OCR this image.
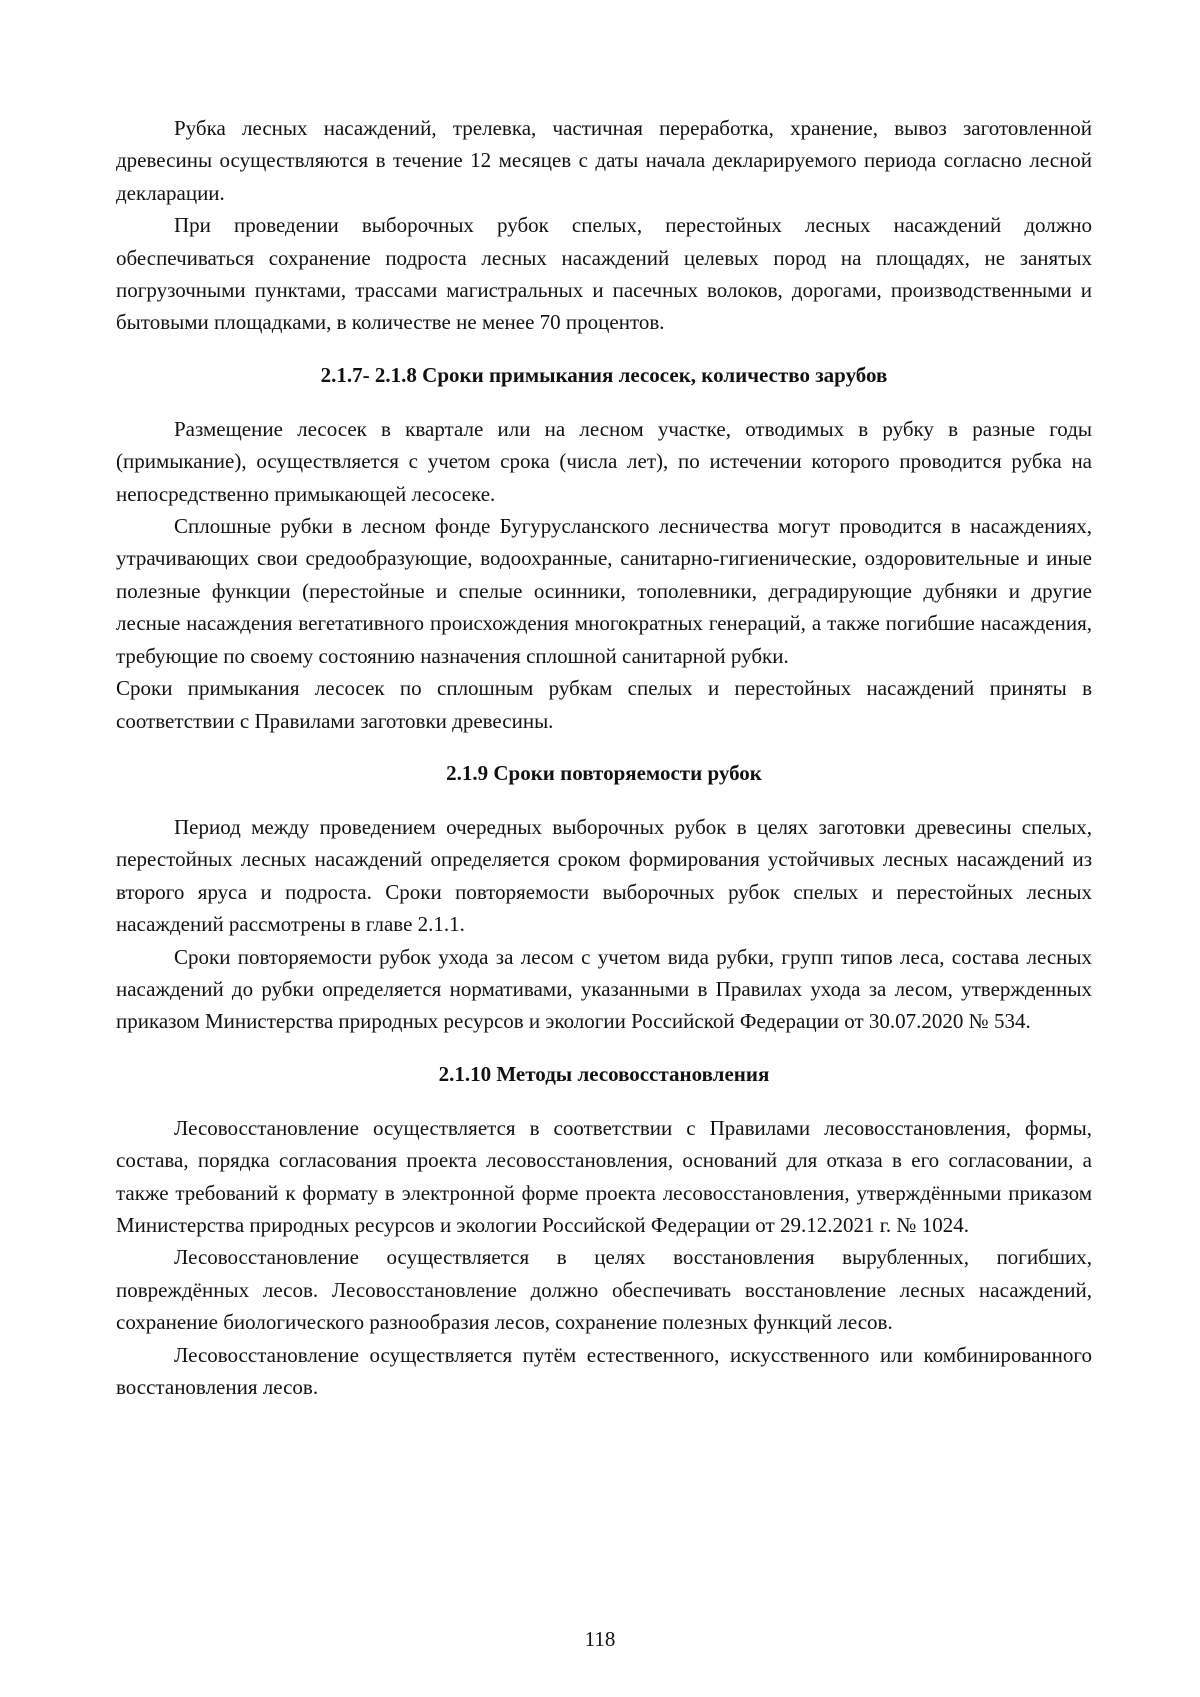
Рубка лесных насаждений, трелевка, частичная переработка, хранение, вывоз заготовленной древесины осуществляются в течение 12 месяцев с даты начала декларируемого периода согласно лесной декларации.

При проведении выборочных рубок спелых, перестойных лесных насаждений должно обеспечиваться сохранение подроста лесных насаждений целевых пород на площадях, не занятых погрузочными пунктами, трассами магистральных и пасечных волоков, дорогами, производственными и бытовыми площадками, в количестве не менее 70 процентов.

2.1.7- 2.1.8 Сроки примыкания лесосек, количество зарубов

Размещение лесосек в квартале или на лесном участке, отводимых в рубку в разные годы (примыкание), осуществляется с учетом срока (числа лет), по истечении которого проводится рубка на непосредственно примыкающей лесосеке.

Сплошные рубки в лесном фонде Бугурусланского лесничества могут проводится в насаждениях, утрачивающих свои средообразующие, водоохранные, санитарно-гигиенические, оздоровительные и иные полезные функции (перестойные и спелые осинники, тополевники, деградирующие дубняки и другие лесные насаждения вегетативного происхождения многократных генераций, а также погибшие насаждения, требующие по своему состоянию назначения сплошной санитарной рубки.

Сроки примыкания лесосек по сплошным рубкам спелых и перестойных насаждений приняты в соответствии с Правилами заготовки древесины.

2.1.9 Сроки повторяемости рубок

Период между проведением очередных выборочных рубок в целях заготовки древесины спелых, перестойных лесных насаждений определяется сроком формирования устойчивых лесных насаждений из второго яруса и подроста. Сроки повторяемости выборочных рубок спелых и перестойных лесных насаждений рассмотрены в главе 2.1.1.

Сроки повторяемости рубок ухода за лесом с учетом вида рубки, групп типов леса, состава лесных насаждений до рубки определяется нормативами, указанными в Правилах ухода за лесом, утвержденных приказом Министерства природных ресурсов и экологии Российской Федерации от 30.07.2020 № 534.

2.1.10 Методы лесовосстановления

Лесовосстановление осуществляется в соответствии с Правилами лесовосстановления, формы, состава, порядка согласования проекта лесовосстановления, оснований для отказа в его согласовании, а также требований к формату в электронной форме проекта лесовосстановления, утверждёнными приказом Министерства природных ресурсов и экологии Российской Федерации от 29.12.2021 г. № 1024.

Лесовосстановление осуществляется в целях восстановления вырубленных, погибших, повреждённых лесов. Лесовосстановление должно обеспечивать восстановление лесных насаждений, сохранение биологического разнообразия лесов, сохранение полезных функций лесов.

Лесовосстановление осуществляется путём естественного, искусственного или комбинированного восстановления лесов.

118
